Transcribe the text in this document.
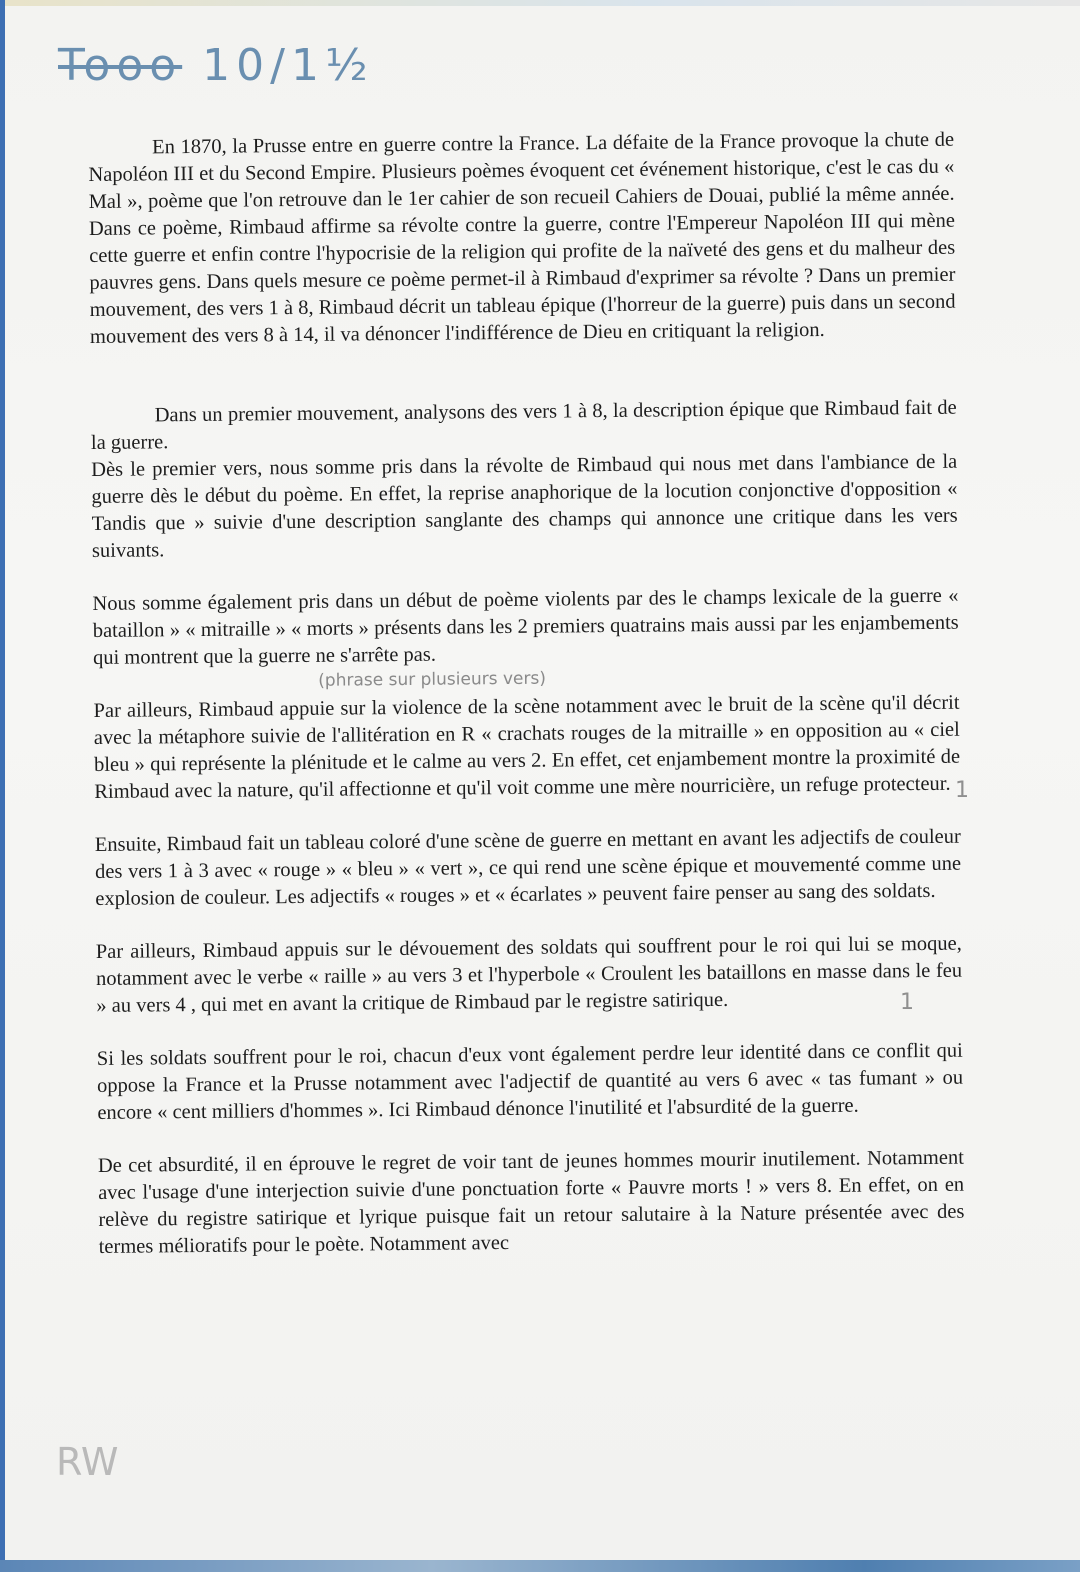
Tooo 10/1½

En 1870, la Prusse entre en guerre contre la France. La défaite de la France provoque la chute de Napoléon III et du Second Empire. Plusieurs poèmes évoquent cet événement historique, c'est le cas du « Mal », poème que l'on retrouve dan le 1er cahier de son recueil Cahiers de Douai, publié la même année. Dans ce poème, Rimbaud affirme sa révolte contre la guerre, contre l'Empereur Napoléon III qui mène cette guerre et enfin contre l'hypocrisie de la religion qui profite de la naïveté des gens et du malheur des pauvres gens. Dans quels mesure ce poème permet-il à Rimbaud d'exprimer sa révolte ? Dans un premier mouvement, des vers 1 à 8, Rimbaud décrit un tableau épique (l'horreur de la guerre) puis dans un second mouvement des vers 8 à 14, il va dénoncer l'indifférence de Dieu en critiquant la religion.

Dans un premier mouvement, analysons des vers 1 à 8, la description épique que Rimbaud fait de la guerre.

Dès le premier vers, nous somme pris dans la révolte de Rimbaud qui nous met dans l'ambiance de la guerre dès le début du poème. En effet, la reprise anaphorique de la locution conjonctive d'opposition « Tandis que » suivie d'une description sanglante des champs qui annonce une critique dans les vers suivants.

Nous somme également pris dans un début de poème violents par des le champs lexicale de la guerre « bataillon » « mitraille » « morts » présents dans les 2 premiers quatrains mais aussi par les enjambements qui montrent que la guerre ne s'arrête pas.

(phrase sur plusieurs vers)

Par ailleurs, Rimbaud appuie sur la violence de la scène notamment avec le bruit de la scène qu'il décrit avec la métaphore suivie de l'allitération en R « crachats rouges de la mitraille » en opposition au « ciel bleu » qui représente la plénitude et le calme au vers 2. En effet, cet enjambement montre la proximité de Rimbaud avec la nature, qu'il affectionne et qu'il voit comme une mère nourricière, un refuge protecteur.

Ensuite, Rimbaud fait un tableau coloré d'une scène de guerre en mettant en avant les adjectifs de couleur des vers 1 à 3 avec « rouge » « bleu » « vert », ce qui rend une scène épique et mouvementé comme une explosion de couleur. Les adjectifs « rouges » et « écarlates » peuvent faire penser au sang des soldats.

Par ailleurs, Rimbaud appuis sur le dévouement des soldats qui souffrent pour le roi qui lui se moque, notamment avec le verbe « raille » au vers 3 et l'hyperbole « Croulent les bataillons en masse dans le feu » au vers 4 , qui met en avant la critique de Rimbaud par le registre satirique.

Si les soldats souffrent pour le roi, chacun d'eux vont également perdre leur identité dans ce conflit qui oppose la France et la Prusse notamment avec l'adjectif de quantité au vers 6 avec « tas fumant » ou encore « cent milliers d'hommes ». Ici Rimbaud dénonce l'inutilité et l'absurdité de la guerre.

De cet absurdité, il en éprouve le regret de voir tant de jeunes hommes mourir inutilement. Notamment avec l'usage d'une interjection suivie d'une ponctuation forte « Pauvre morts ! » vers 8. En effet, on en relève du registre satirique et lyrique puisque fait un retour salutaire à la Nature présentée avec des termes mélioratifs pour le poète. Notamment avec

1
1
RW
